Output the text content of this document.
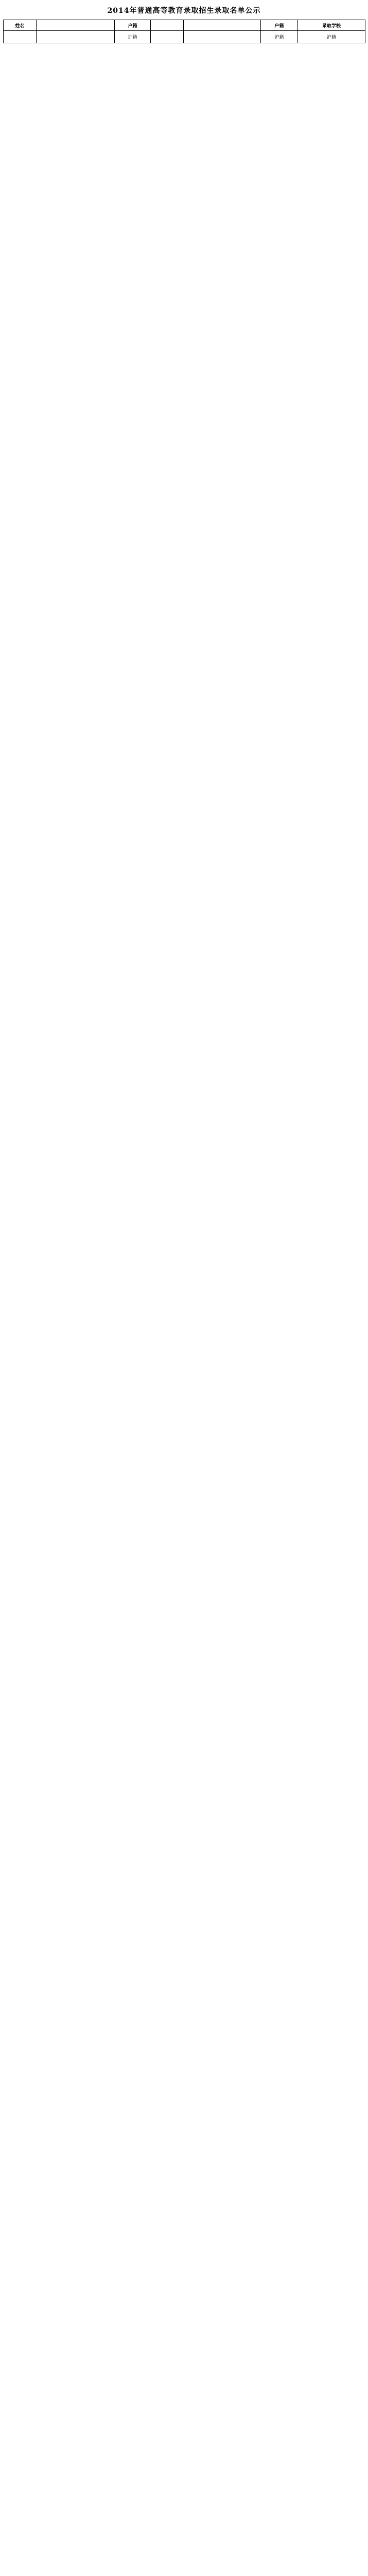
2014年普通高等教育录取招生录取名单公示
姓名		户籍			户籍	录取学校
		沪籍			沪籍	沪籍
